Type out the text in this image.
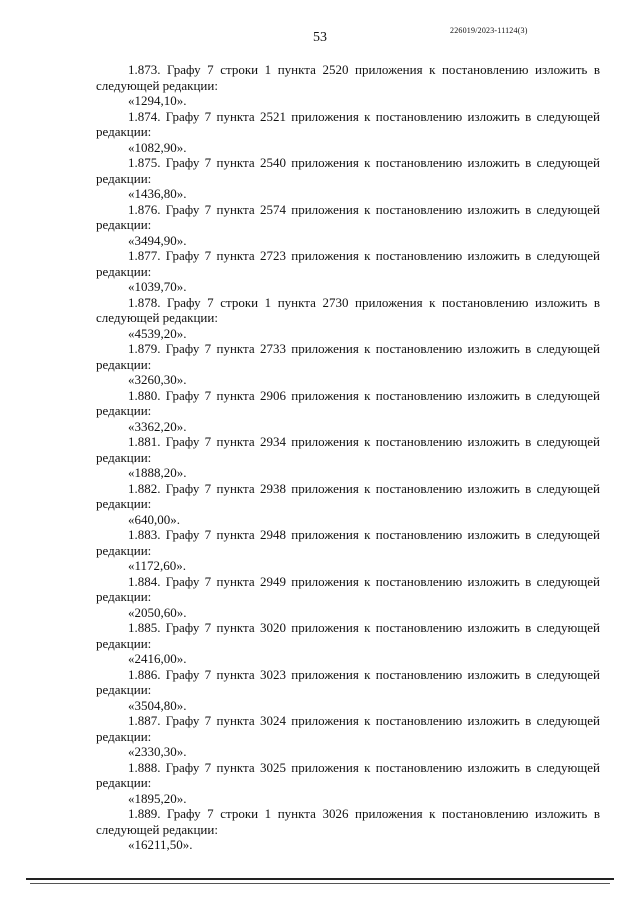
53	226019/2023-11124(3)

1.873. Графу 7 строки 1 пункта 2520 приложения к постановлению изложить в следующей редакции:

«1294,10».

1.874. Графу 7 пункта 2521 приложения к постановлению изложить в следующей редакции:

«1082,90».

1.875. Графу 7 пункта 2540 приложения к постановлению изложить в следующей редакции:

«1436,80».

1.876. Графу 7 пункта 2574 приложения к постановлению изложить в следующей редакции:

«3494,90».

1.877. Графу 7 пункта 2723 приложения к постановлению изложить в следующей редакции:

«1039,70».

1.878. Графу 7 строки 1 пункта 2730 приложения к постановлению изложить в следующей редакции:

«4539,20».

1.879. Графу 7 пункта 2733 приложения к постановлению изложить в следующей редакции:

«3260,30».

1.880. Графу 7 пункта 2906 приложения к постановлению изложить в следующей редакции:

«3362,20».

1.881. Графу 7 пункта 2934 приложения к постановлению изложить в следующей редакции:

«1888,20».

1.882. Графу 7 пункта 2938 приложения к постановлению изложить в следующей редакции:

«640,00».

1.883. Графу 7 пункта 2948 приложения к постановлению изложить в следующей редакции:

«1172,60».

1.884. Графу 7 пункта 2949 приложения к постановлению изложить в следующей редакции:

«2050,60».

1.885. Графу 7 пункта 3020 приложения к постановлению изложить в следующей редакции:

«2416,00».

1.886. Графу 7 пункта 3023 приложения к постановлению изложить в следующей редакции:

«3504,80».

1.887. Графу 7 пункта 3024 приложения к постановлению изложить в следующей редакции:

«2330,30».

1.888. Графу 7 пункта 3025 приложения к постановлению изложить в следующей редакции:

«1895,20».

1.889. Графу 7 строки 1 пункта 3026 приложения к постановлению изложить в следующей редакции:

«16211,50».
